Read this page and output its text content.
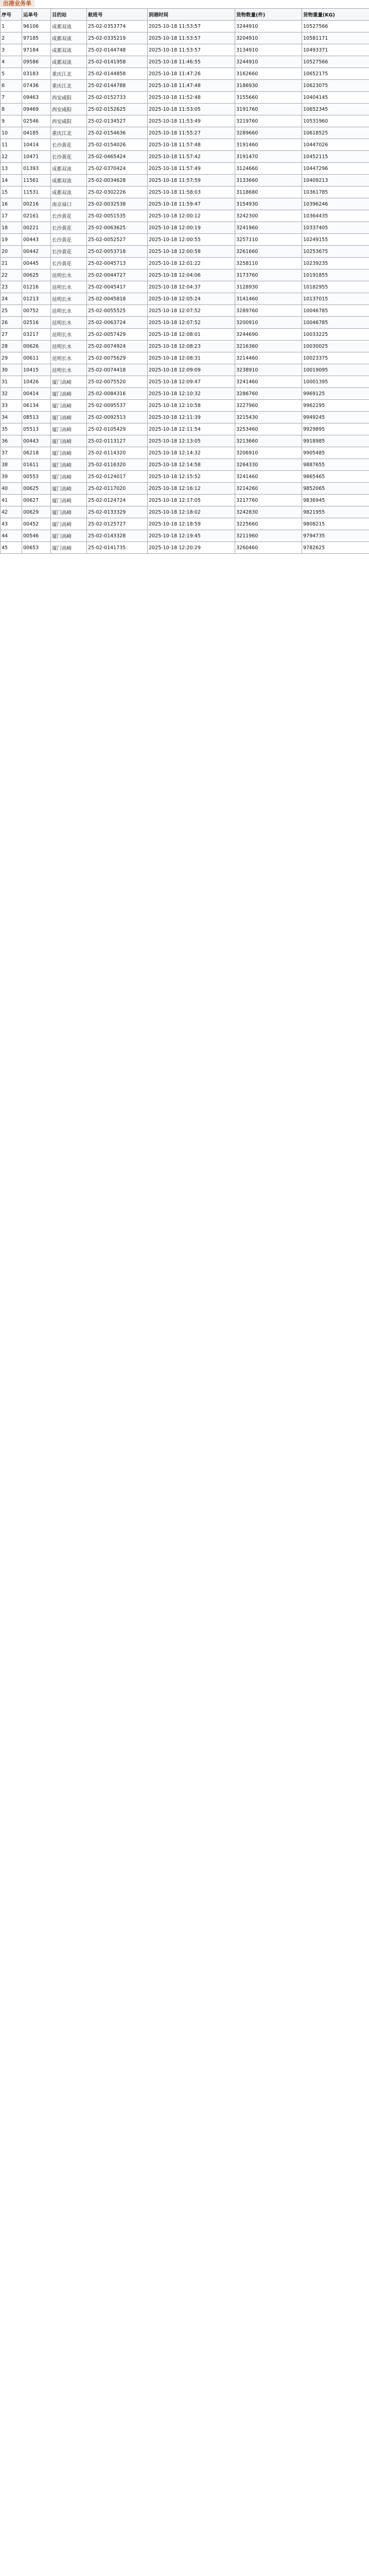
出港业务单
序号	运单号	目的站	航班号	到港时间	货物数量(件)	货物重量(KG)
1	96106	成都双流	25-02-0353774	2025-10-18 11:53:57	3244910	10527566
2	97185	成都双流	25-02-0335219	2025-10-18 11:53:57	3204910	10581171
3	97184	成都双流	25-02-0144748	2025-10-18 11:53:57	3134910	10493371
4	09586	成都双流	25-02-0141958	2025-10-18 11:46:55	3244910	10527566
5	03183	重庆江北	25-02-0144858	2025-10-18 11:47:26	3162660	10652175
6	07436	重庆江北	25-02-0144788	2025-10-18 11:47:48	3186930	10623075
7	09463	西安咸阳	25-02-0152733	2025-10-18 11:52:48	3155660	10404145
8	09469	西安咸阳	25-02-0152625	2025-10-18 11:53:05	3191760	10652345
9	02546	西安咸阳	25-02-0134527	2025-10-18 11:53:49	3219760	10531960
10	04185	重庆江北	25-02-0154636	2025-10-18 11:55:27	3289660	10618525
11	10414	长沙黄花	25-02-0154026	2025-10-18 11:57:48	3191460	10447026
12	10471	长沙黄花	25-02-0465424	2025-10-18 11:57:42	3191470	10452115
13	01393	成都双流	25-02-0370424	2025-10-18 11:57:49	3124660	10447296
14	11561	成都双流	25-02-0034628	2025-10-18 11:57:59	3133660	10409213
15	11531	成都双流	25-02-0302226	2025-10-18 11:58:03	3118680	10361785
16	00216	南京禄口	25-02-0032538	2025-10-18 11:59:47	3154930	10396246
17	02161	长沙黄花	25-02-0051535	2025-10-18 12:00:12	3242300	10364435
18	00221	长沙黄花	25-02-0063625	2025-10-18 12:00:19	3241960	10337405
19	00443	长沙黄花	25-02-0052527	2025-10-18 12:00:55	3257110	10249155
20	00442	长沙黄花	25-02-0053718	2025-10-18 12:00:58	3261660	10253675
21	00445	长沙黄花	25-02-0045713	2025-10-18 12:01:22	3258110	10239235
22	00625	昆明长水	25-02-0044727	2025-10-18 12:04:06	3173760	10191855
23	01216	昆明长水	25-02-0045417	2025-10-18 12:04:37	3128930	10182955
24	01213	昆明长水	25-02-0045818	2025-10-18 12:05:24	3141460	10137015
25	00752	昆明长水	25-02-0055525	2025-10-18 12:07:52	3289760	10046785
26	02516	昆明长水	25-02-0063724	2025-10-18 12:07:52	3200910	10046785
27	03217	昆明长水	25-02-0057429	2025-10-18 12:08:01	3244690	10033225
28	00626	昆明长水	25-02-0074924	2025-10-18 12:08:23	3216360	10030025
29	00611	昆明长水	25-02-0075629	2025-10-18 12:08:31	3214460	10023375
30	10415	昆明长水	25-02-0074418	2025-10-18 12:09:09	3238910	10019095
31	10426	厦门高崎	25-02-0075520	2025-10-18 12:09:47	3241460	10001395
32	00414	厦门高崎	25-02-0084316	2025-10-18 12:10:32	3286760	9969125
33	06134	厦门高崎	25-02-0095537	2025-10-18 12:10:58	3227960	9962295
34	08513	厦门高崎	25-02-0092513	2025-10-18 12:11:39	3215430	9949245
35	05513	厦门高崎	25-02-0105429	2025-10-18 12:11:54	3253460	9929895
36	00443	厦门高崎	25-02-0113127	2025-10-18 12:13:05	3213660	9918985
37	06218	厦门高崎	25-02-0114320	2025-10-18 12:14:32	3206910	9905485
38	01611	厦门高崎	25-02-0116320	2025-10-18 12:14:58	3264330	9887655
39	00553	厦门高崎	25-02-0124017	2025-10-18 12:15:52	3241460	9865465
40	00625	厦门高崎	25-02-0117020	2025-10-18 12:16:12	3214260	9852065
41	00627	厦门高崎	25-02-0124724	2025-10-18 12:17:05	3217760	9836945
42	00629	厦门高崎	25-02-0133329	2025-10-18 12:18:02	3242830	9821955
43	00452	厦门高崎	25-02-0125727	2025-10-18 12:18:59	3225660	9808215
44	00546	厦门高崎	25-02-0143328	2025-10-18 12:19:45	3211960	9794735
45	00653	厦门高崎	25-02-0141735	2025-10-18 12:20:29	3260460	9782625
